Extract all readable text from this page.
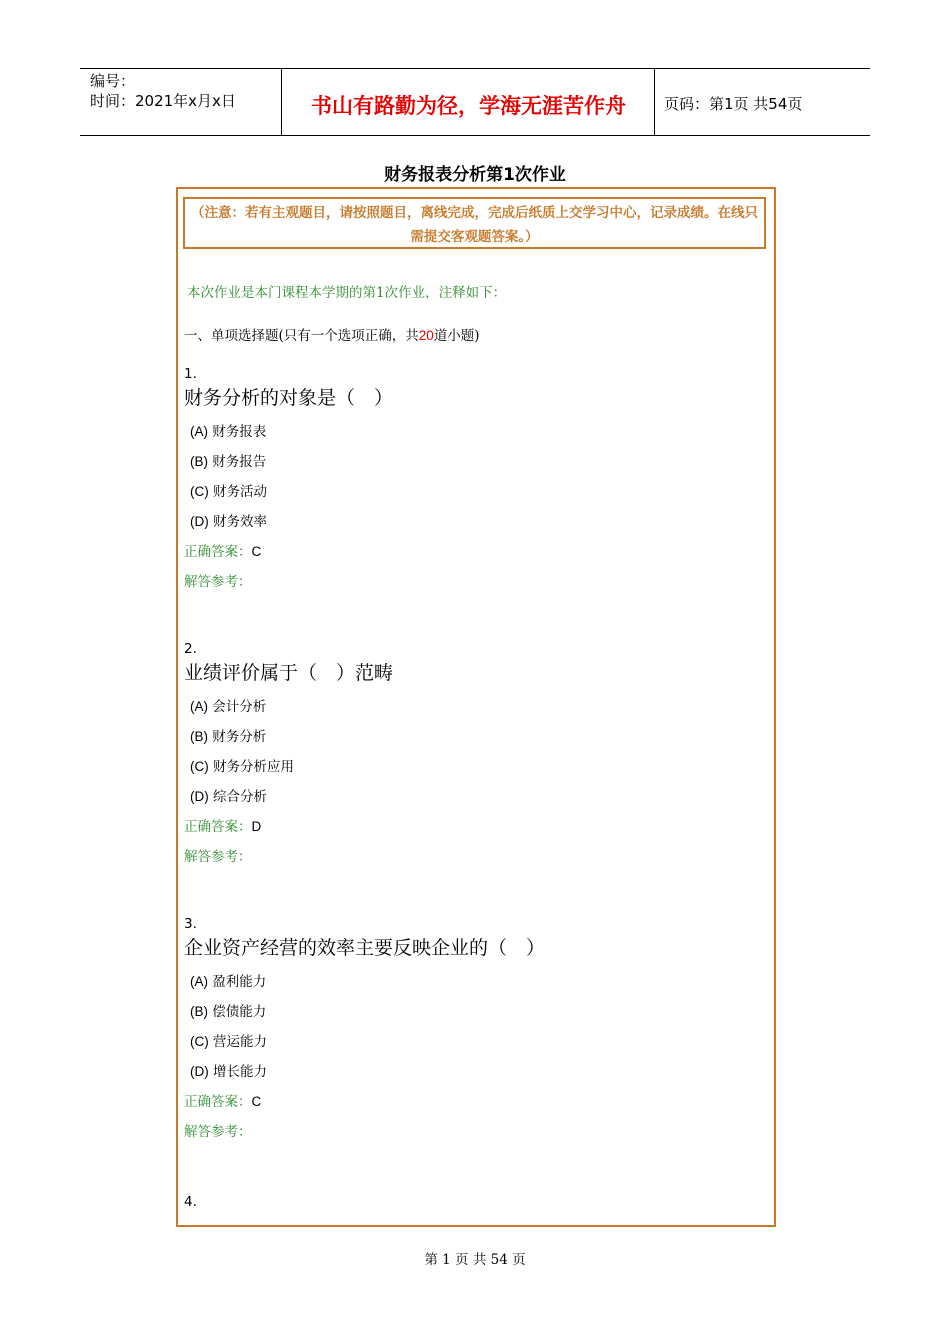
编号：
时间：2021年x月x日	书山有路勤为径，学海无涯苦作舟	页码：第1页 共54页
财务报表分析第1次作业
（注意：若有主观题目，请按照题目，离线完成，完成后纸质上交学习中心，记录成绩。在线只需提交客观题答案。）
本次作业是本门课程本学期的第1次作业，注释如下：
一、单项选择题(只有一个选项正确，共20道小题)
1.
财务分析的对象是（　）
(A) 财务报表
(B) 财务报告
(C) 财务活动
(D) 财务效率
正确答案：C
解答参考：
2.
业绩评价属于（　）范畴
(A) 会计分析
(B) 财务分析
(C) 财务分析应用
(D) 综合分析
正确答案：D
解答参考：
3.
企业资产经营的效率主要反映企业的（　）
(A) 盈利能力
(B) 偿债能力
(C) 营运能力
(D) 增长能力
正确答案：C
解答参考：
4.
第 1 页 共 54 页
